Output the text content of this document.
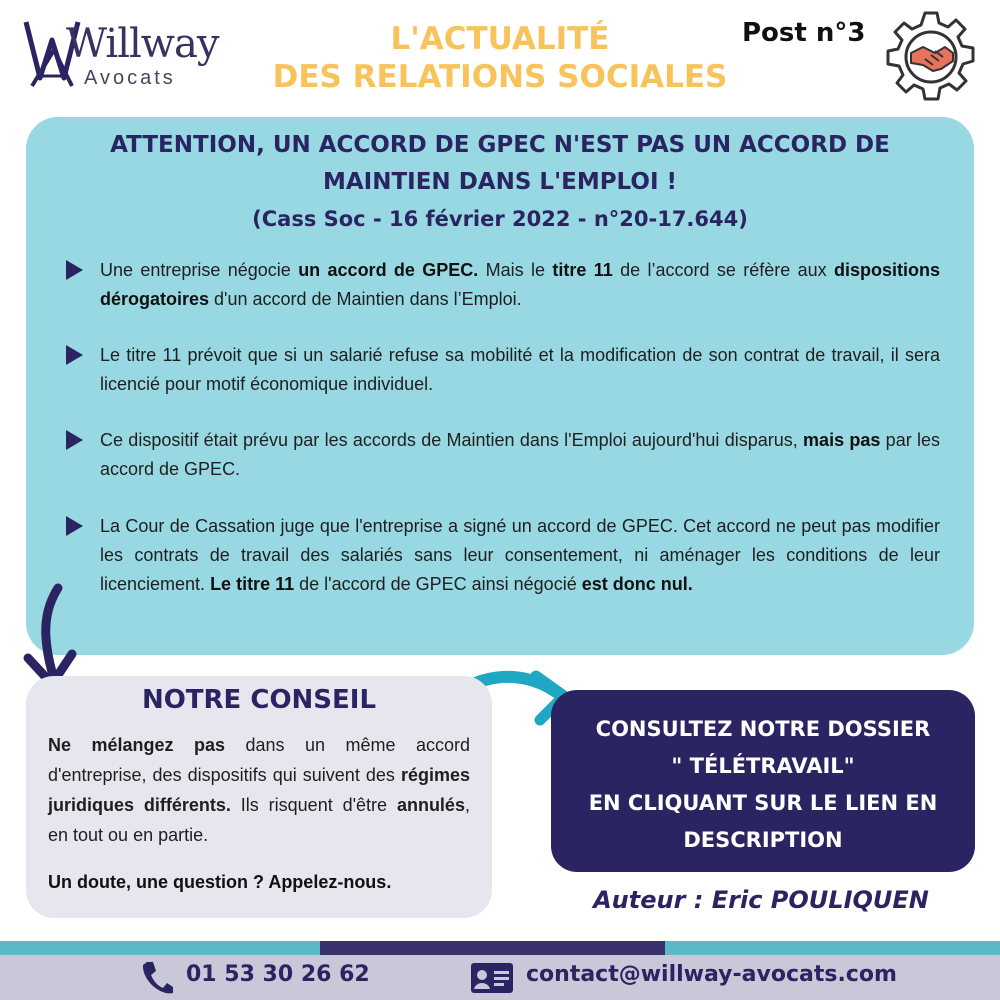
Willway
Avocats
L'ACTUALITÉ
DES RELATIONS SOCIALES
Post n°3
ATTENTION, UN ACCORD DE GPEC N'EST PAS UN ACCORD DE
MAINTIEN DANS L'EMPLOI !
(Cass Soc - 16 février 2022 - n°20-17.644)

Une entreprise négocie un accord de GPEC. Mais le titre 11 de l’accord se réfère aux dispositions dérogatoires d'un accord de Maintien dans l’Emploi.

Le titre 11 prévoit que si un salarié refuse sa mobilité et la modification de son contrat de travail, il sera licencié pour motif économique individuel.

Ce dispositif était prévu par les accords de Maintien dans l'Emploi aujourd'hui disparus, mais pas par les accord de GPEC.

La Cour de Cassation juge que l'entreprise a signé un accord de GPEC. Cet accord ne peut pas modifier les contrats de travail des salariés sans leur consentement, ni aménager les conditions de leur licenciement. Le titre 11 de l'accord de GPEC ainsi négocié est donc nul.

NOTRE CONSEIL
Ne mélangez pas dans un même accord d'entreprise, des dispositifs qui suivent des régimes juridiques différents. Ils risquent d'être annulés, en tout ou en partie.
Un doute, une question ? Appelez-nous.
CONSULTEZ NOTRE DOSSIER
" TÉLÉTRAVAIL"
EN CLIQUANT SUR LE LIEN EN
DESCRIPTION
Auteur : Eric POULIQUEN
01 53 30 26 62	contact@willway-avocats.com
